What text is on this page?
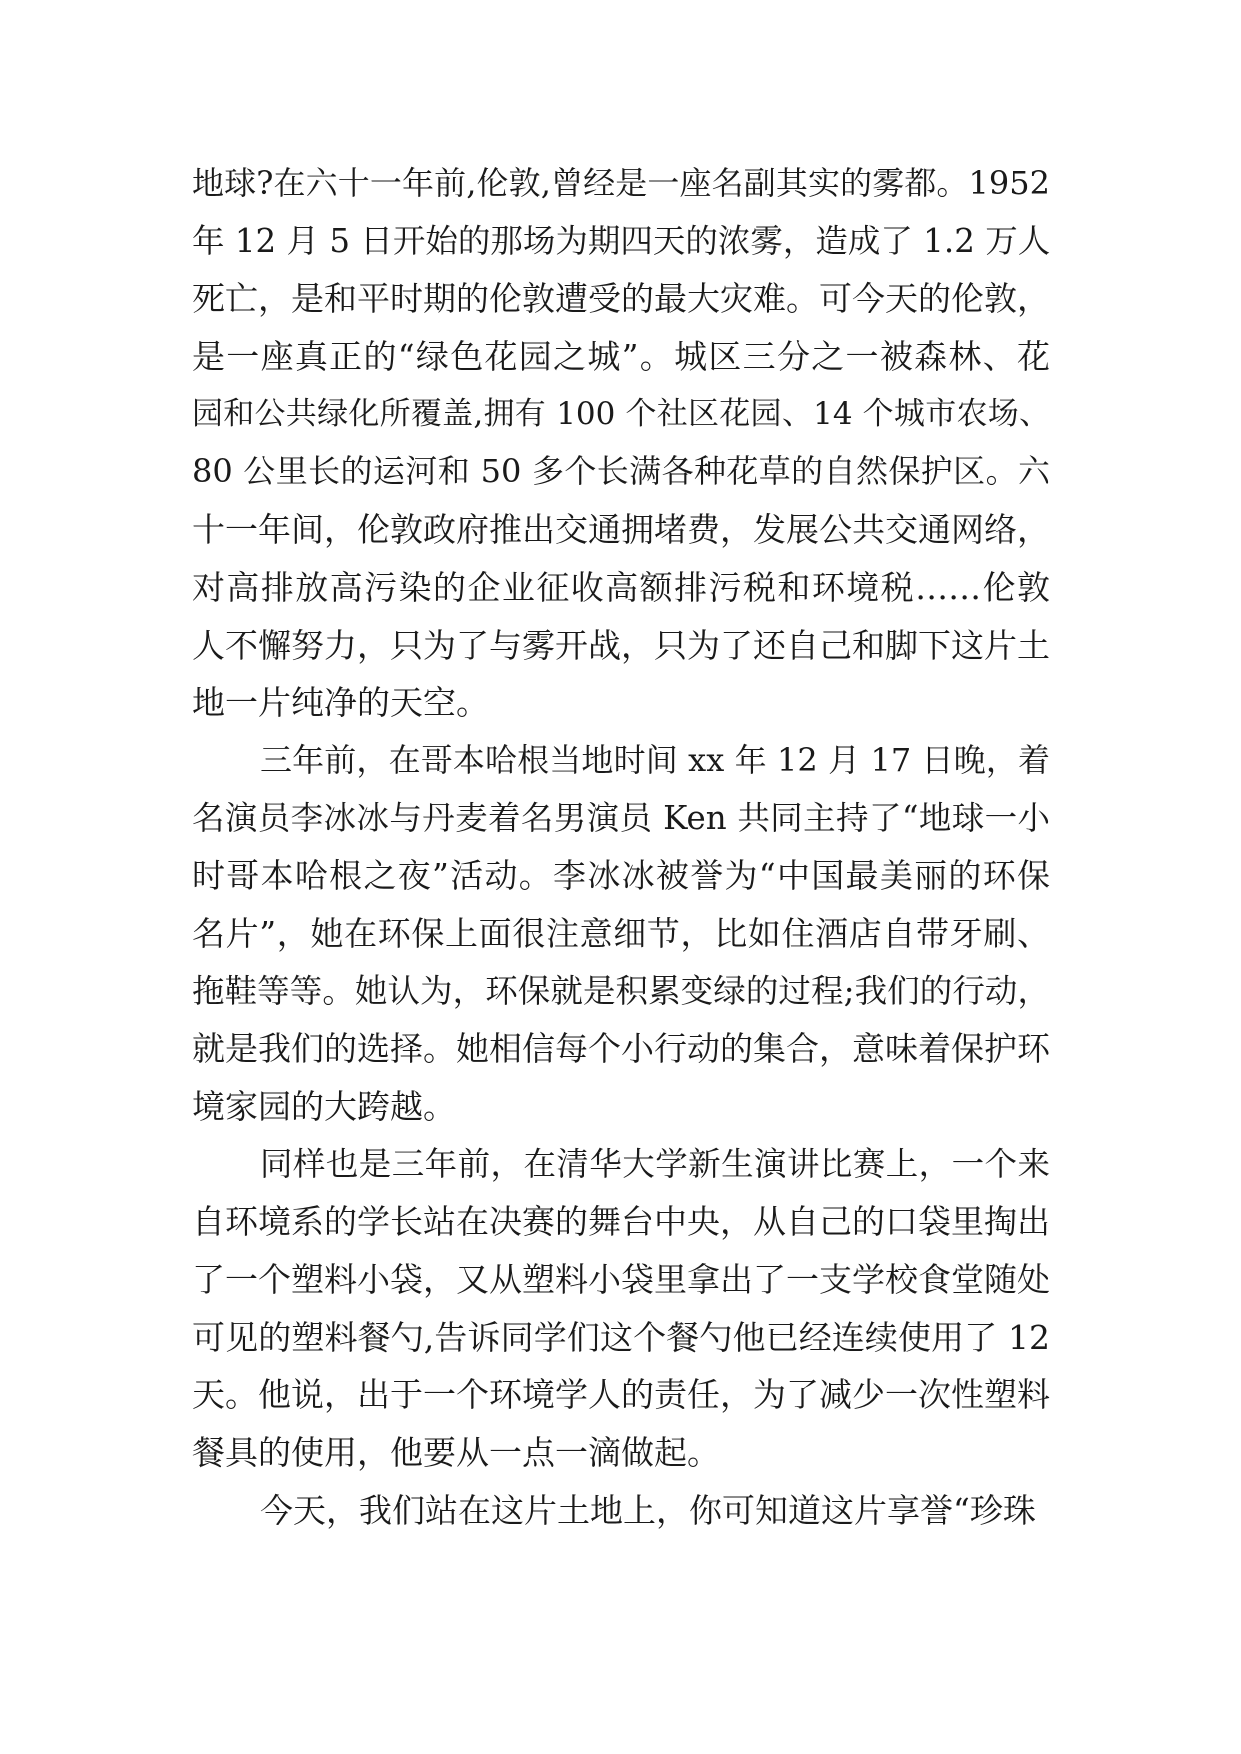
地球?在六十一年前,伦敦,曾经是一座名副其实的雾都。1952
年 12 月 5 日开始的那场为期四天的浓雾，造成了 1.2 万人
死亡，是和平时期的伦敦遭受的最大灾难。可今天的伦敦，
是一座真正的“绿色花园之城”。城区三分之一被森林、花
园和公共绿化所覆盖,拥有 100 个社区花园、14 个城市农场、
80 公里长的运河和 50 多个长满各种花草的自然保护区。六
十一年间，伦敦政府推出交通拥堵费，发展公共交通网络，
对高排放高污染的企业征收高额排污税和环境税……伦敦
人不懈努力，只为了与雾开战，只为了还自己和脚下这片土
地一片纯净的天空。
三年前，在哥本哈根当地时间 xx 年 12 月 17 日晚，着
名演员李冰冰与丹麦着名男演员 Ken 共同主持了“地球一小
时哥本哈根之夜”活动。李冰冰被誉为“中国最美丽的环保
名片”，她在环保上面很注意细节，比如住酒店自带牙刷、
拖鞋等等。她认为，环保就是积累变绿的过程;我们的行动，
就是我们的选择。她相信每个小行动的集合，意味着保护环
境家园的大跨越。
同样也是三年前，在清华大学新生演讲比赛上，一个来
自环境系的学长站在决赛的舞台中央，从自己的口袋里掏出
了一个塑料小袋，又从塑料小袋里拿出了一支学校食堂随处
可见的塑料餐勺,告诉同学们这个餐勺他已经连续使用了 12
天。他说，出于一个环境学人的责任，为了减少一次性塑料
餐具的使用，他要从一点一滴做起。
今天，我们站在这片土地上，你可知道这片享誉“珍珠
